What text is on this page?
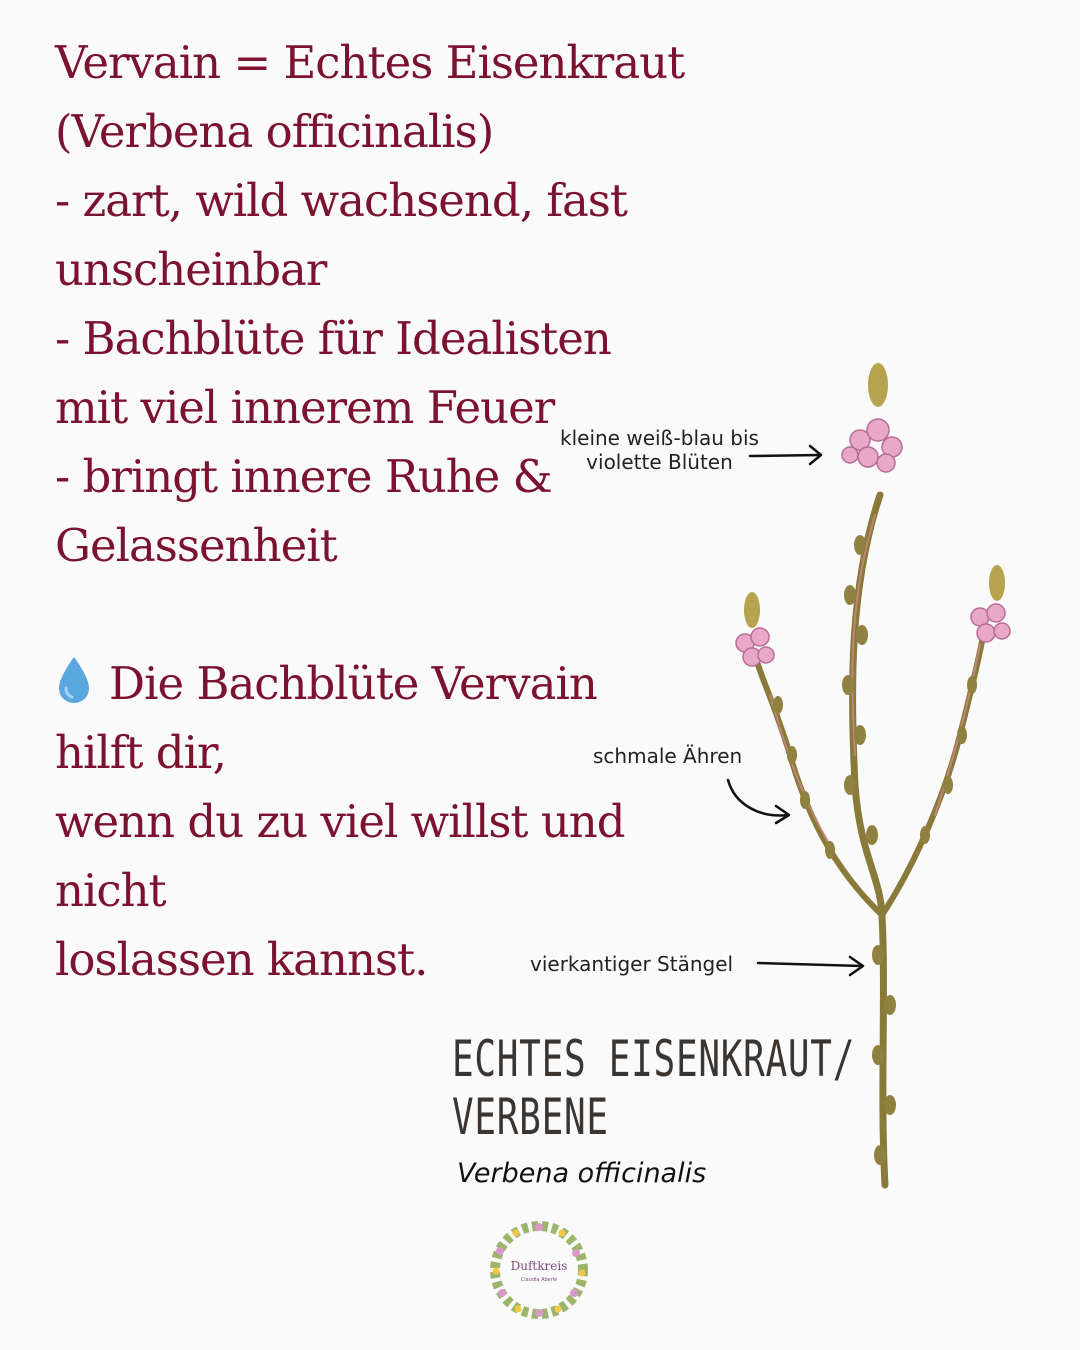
Vervain = Echtes Eisenkraut
(Verbena officinalis)
- zart, wild wachsend, fast
unscheinbar
- Bachblüte für Idealisten
mit viel innerem Feuer
- bringt innere Ruhe &
Gelassenheit
Die Bachblüte Vervain
hilft dir,
wenn du zu viel willst und
nicht
loslassen kannst.
kleine weiß-blau bis
violette Blüten
schmale Ähren
vierkantiger Stängel
ECHTES EISENKRAUT/
VERBENE
Verbena officinalis
Duftkreis
Claudia Aberle
